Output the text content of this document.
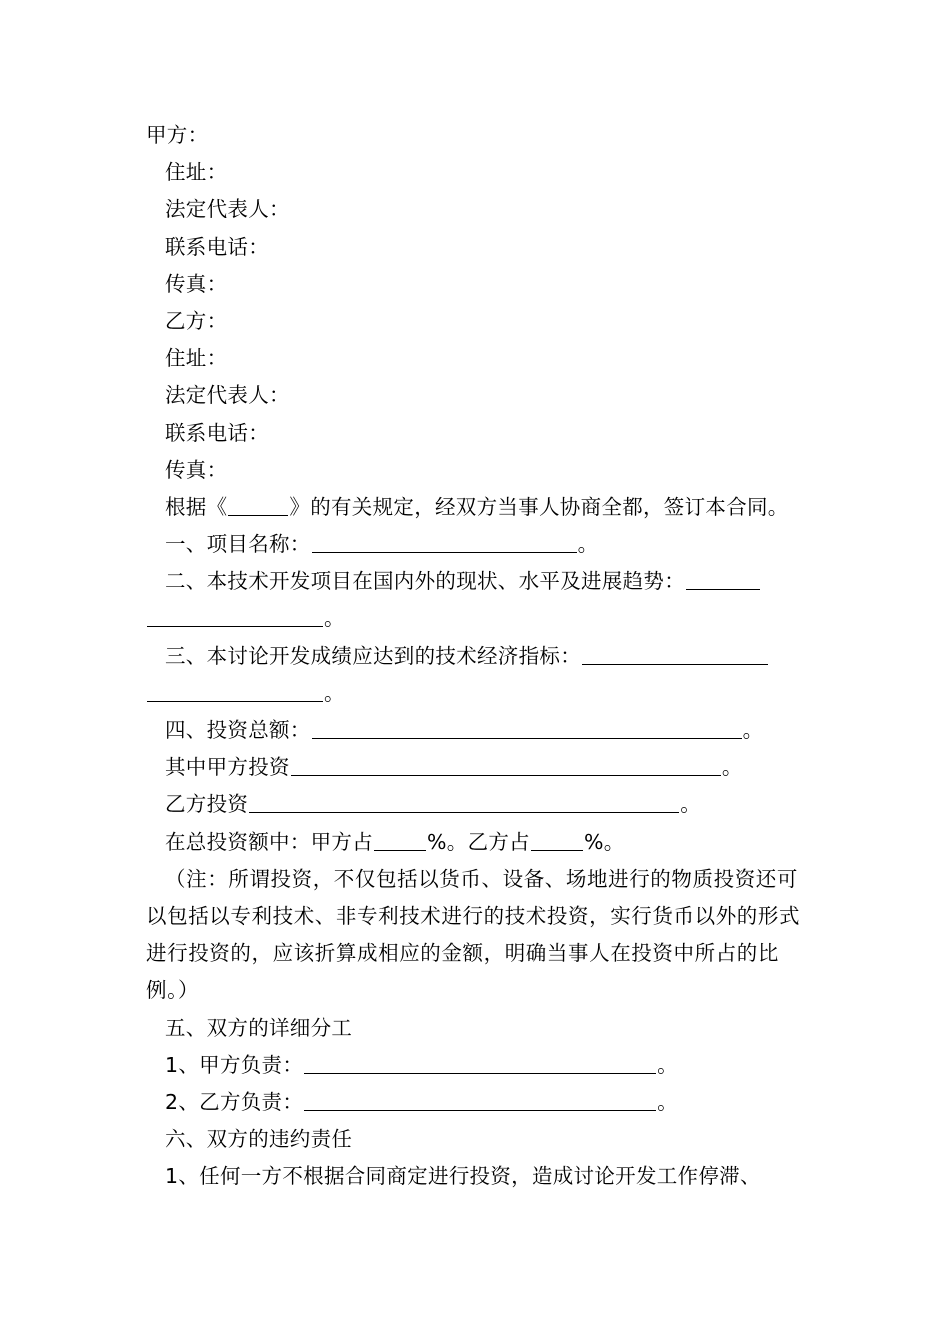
甲方：
住址：
法定代表人：
联系电话：
传真：
乙方：
住址：
法定代表人：
联系电话：
传真：
根据《	》的有关规定，经双方当事人协商全都，签订本合同。
一、项目名称：	。
二、本技术开发项目在国内外的现状、水平及进展趋势：
。
三、本讨论开发成绩应达到的技术经济指标：
。
四、投资总额：	。
其中甲方投资	。
乙方投资	。
在总投资额中：甲方占	%。乙方占	%。
（注：所谓投资，不仅包括以货币、设备、场地进行的物质投资还可以包括以专利技术、非专利技术进行的技术投资，实行货币以外的形式进行投资的，应该折算成相应的金额，明确当事人在投资中所占的比例。）
五、双方的详细分工
1、甲方负责：	。
2、乙方负责：	。
六、双方的违约责任
1、任何一方不根据合同商定进行投资，造成讨论开发工作停滞、
